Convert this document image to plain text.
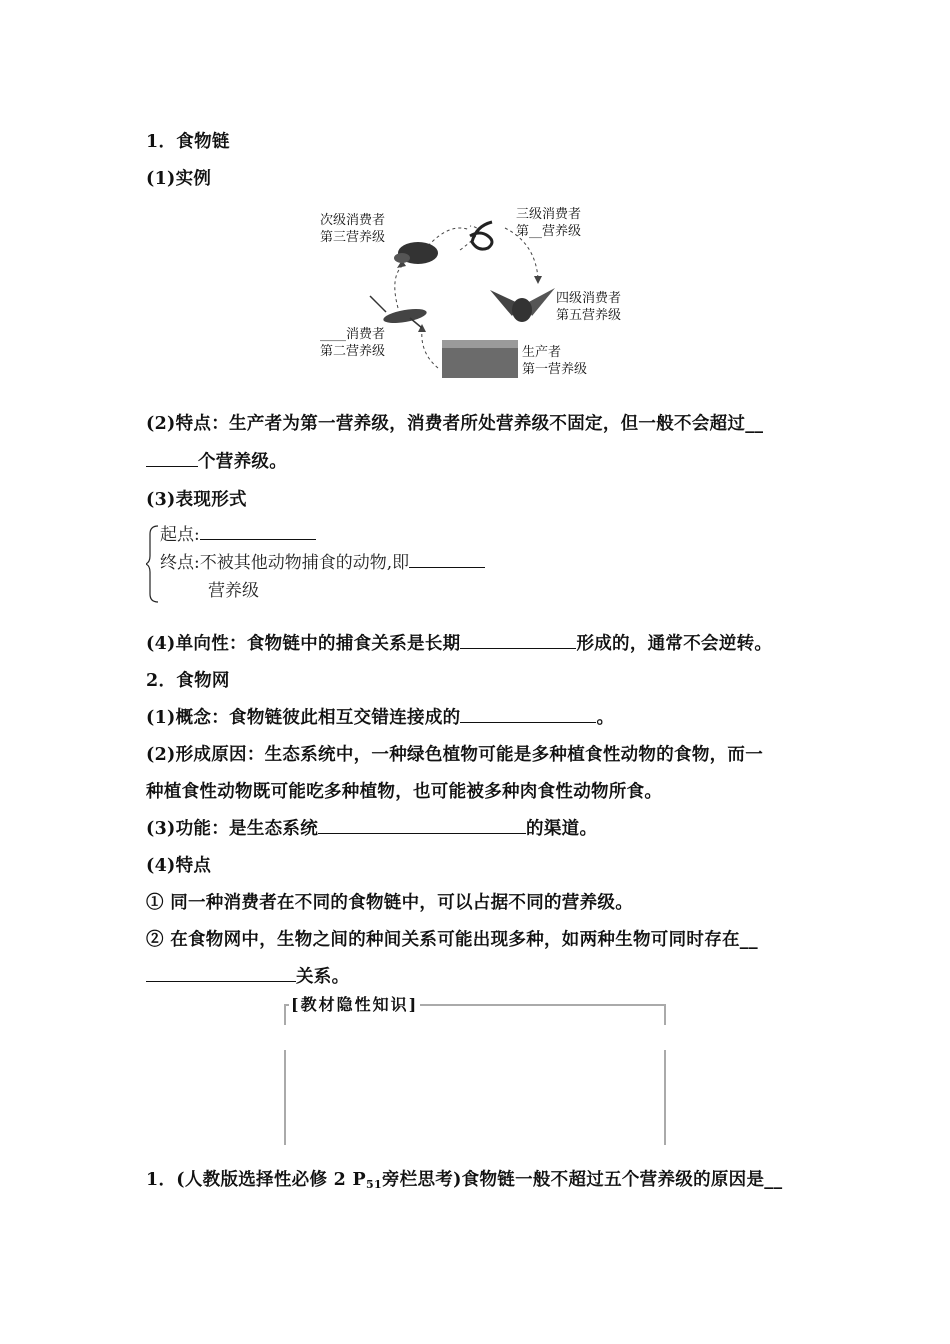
1．食物链
(1)实例
次级消费者
第三营养级
三级消费者
第__营养级
四级消费者
第五营养级
____消费者
第二营养级	生产者
第一营养级
(2)特点：生产者为第一营养级，消费者所处营养级不固定，但一般不会超过__
个营养级。
(3)表现形式
起点:
终点:不被其他动物捕食的动物,即
营养级
(4)单向性：食物链中的捕食关系是长期	形成的，通常不会逆转。
2．食物网
(1)概念：食物链彼此相互交错连接成的	。
(2)形成原因：生态系统中，一种绿色植物可能是多种植食性动物的食物，而一
种植食性动物既可能吃多种植物，也可能被多种肉食性动物所食。
(3)功能：是生态系统	的渠道。
(4)特点
① 同一种消费者在不同的食物链中，可以占据不同的营养级。
② 在食物网中，生物之间的种间关系可能出现多种，如两种生物可同时存在__
关系。
[教材隐性知识]
1．(人教版选择性必修 2 $P_{51}$旁栏思考)食物链一般不超过五个营养级的原因是__
